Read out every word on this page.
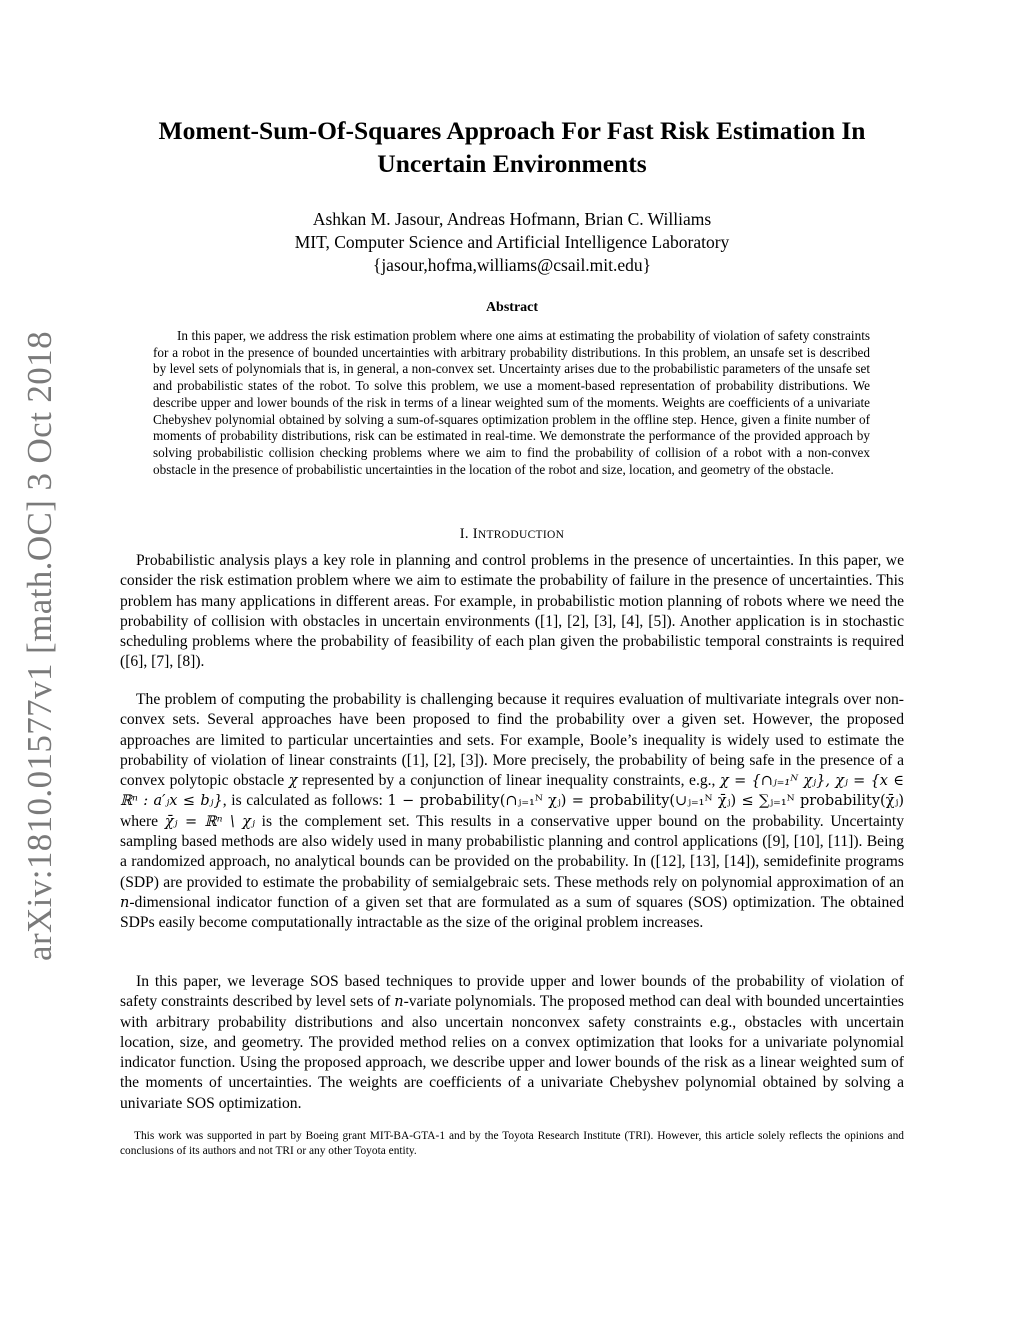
arXiv:1810.01577v1 [math.OC] 3 Oct 2018
Moment-Sum-Of-Squares Approach For Fast Risk Estimation In
Uncertain Environments
Ashkan M. Jasour, Andreas Hofmann, Brian C. Williams
MIT, Computer Science and Artificial Intelligence Laboratory
{jasour,hofma,williams@csail.mit.edu}
Abstract
In this paper, we address the risk estimation problem where one aims at estimating the probability of violation of safety constraints for a robot in the presence of bounded uncertainties with arbitrary probability distributions. In this problem, an unsafe set is described by level sets of polynomials that is, in general, a non-convex set. Uncertainty arises due to the probabilistic parameters of the unsafe set and probabilistic states of the robot. To solve this problem, we use a moment-based representation of probability distributions. We describe upper and lower bounds of the risk in terms of a linear weighted sum of the moments. Weights are coefficients of a univariate Chebyshev polynomial obtained by solving a sum-of-squares optimization problem in the offline step. Hence, given a finite number of moments of probability distributions, risk can be estimated in real-time. We demonstrate the performance of the provided approach by solving probabilistic collision checking problems where we aim to find the probability of collision of a robot with a non-convex obstacle in the presence of probabilistic uncertainties in the location of the robot and size, location, and geometry of the obstacle.
I. INTRODUCTION
Probabilistic analysis plays a key role in planning and control problems in the presence of uncertainties. In this paper, we consider the risk estimation problem where we aim to estimate the probability of failure in the presence of uncertainties. This problem has many applications in different areas. For example, in probabilistic motion planning of robots where we need the probability of collision with obstacles in uncertain environments ([1], [2], [3], [4], [5]). Another application is in stochastic scheduling problems where the probability of feasibility of each plan given the probabilistic temporal constraints is required ([6], [7], [8]).
The problem of computing the probability is challenging because it requires evaluation of multivariate integrals over non-convex sets. Several approaches have been proposed to find the probability over a given set. However, the proposed approaches are limited to particular uncertainties and sets. For example, Boole’s inequality is widely used to estimate the probability of violation of linear constraints ([1], [2], [3]). More precisely, the probability of being safe in the presence of a convex polytopic obstacle χ represented by a conjunction of linear inequality constraints, e.g., χ = {∩ⱼ₌₁ᴺ χⱼ}, χⱼ = {x ∈ ℝⁿ : a′ⱼx ≤ bⱼ}, is calculated as follows: 1 − probability(∩ⱼ₌₁ᴺ χⱼ) = probability(∪ⱼ₌₁ᴺ χ̄ⱼ) ≤ ∑ⱼ₌₁ᴺ probability(χ̄ⱼ) where χ̄ⱼ = ℝⁿ \ χⱼ is the complement set. This results in a conservative upper bound on the probability. Uncertainty sampling based methods are also widely used in many probabilistic planning and control applications ([9], [10], [11]). Being a randomized approach, no analytical bounds can be provided on the probability. In ([12], [13], [14]), semidefinite programs (SDP) are provided to estimate the probability of semialgebraic sets. These methods rely on polynomial approximation of an n-dimensional indicator function of a given set that are formulated as a sum of squares (SOS) optimization. The obtained SDPs easily become computationally intractable as the size of the original problem increases.
In this paper, we leverage SOS based techniques to provide upper and lower bounds of the probability of violation of safety constraints described by level sets of n-variate polynomials. The proposed method can deal with bounded uncertainties with arbitrary probability distributions and also uncertain nonconvex safety constraints e.g., obstacles with uncertain location, size, and geometry. The provided method relies on a convex optimization that looks for a univariate polynomial indicator function. Using the proposed approach, we describe upper and lower bounds of the risk as a linear weighted sum of the moments of uncertainties. The weights are coefficients of a univariate Chebyshev polynomial obtained by solving a univariate SOS optimization.
This work was supported in part by Boeing grant MIT-BA-GTA-1 and by the Toyota Research Institute (TRI). However, this article solely reflects the opinions and conclusions of its authors and not TRI or any other Toyota entity.
